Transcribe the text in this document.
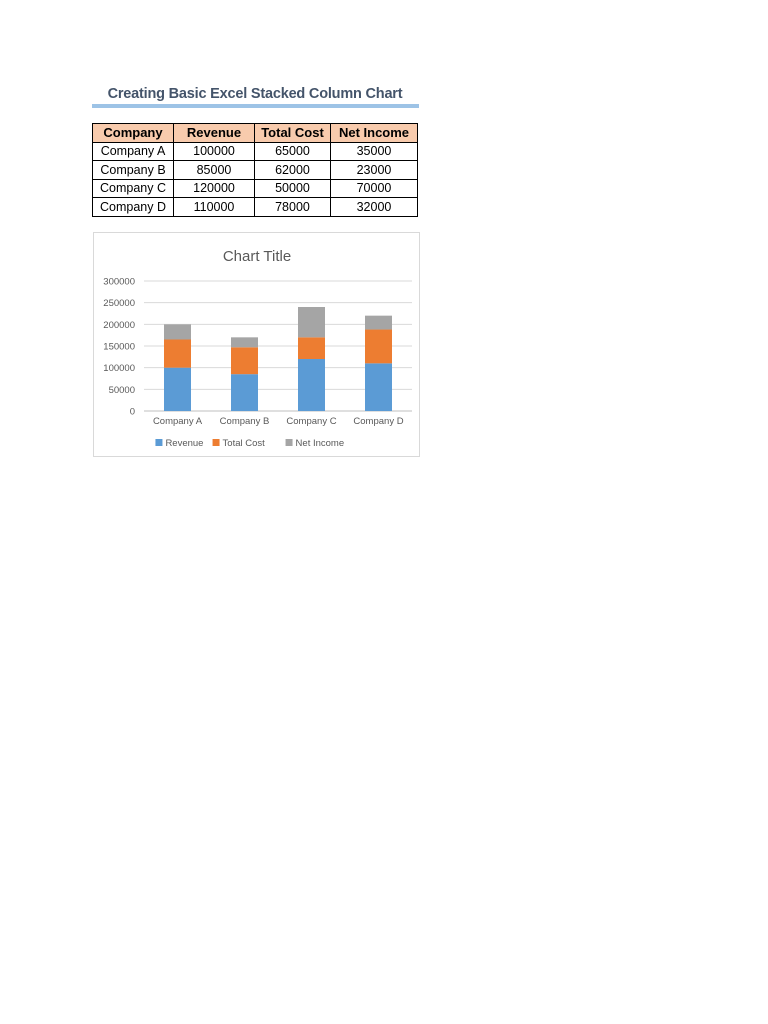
Creating Basic Excel Stacked Column Chart
Company	Revenue	Total Cost	Net Income
Company A	100000	65000	35000
Company B	85000	62000	23000
Company C	120000	50000	70000
Company D	110000	78000	32000
Chart Title
0
50000
100000
150000
200000
250000
300000
Company A Company B Company C Company D
Revenue Total Cost	Net Income
